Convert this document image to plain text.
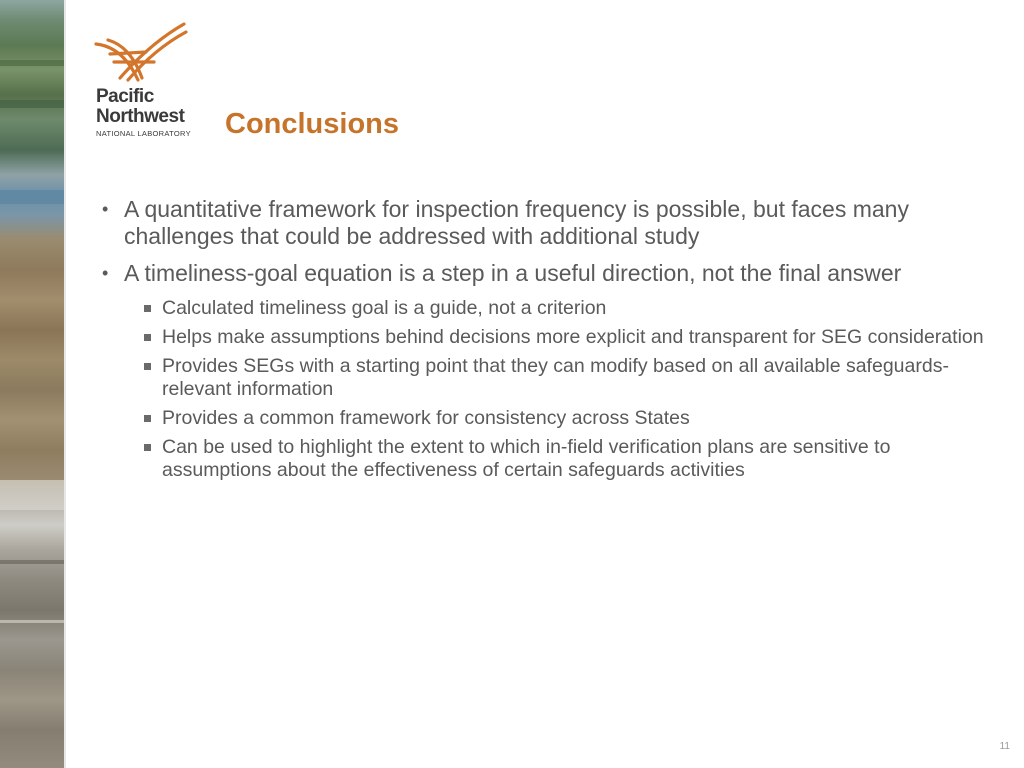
Pacific
Northwest
NATIONAL LABORATORY Conclusions
• A quantitative framework for inspection frequency is possible, but faces many challenges that could be addressed with additional study
• A timeliness-goal equation is a step in a useful direction, not the final answer
Calculated timeliness goal is a guide, not a criterion
Helps make assumptions behind decisions more explicit and transparent for SEG consideration
Provides SEGs with a starting point that they can modify based on all available safeguards-relevant information
Provides a common framework for consistency across States
Can be used to highlight the extent to which in-field verification plans are sensitive to assumptions about the effectiveness of certain safeguards activities
11
